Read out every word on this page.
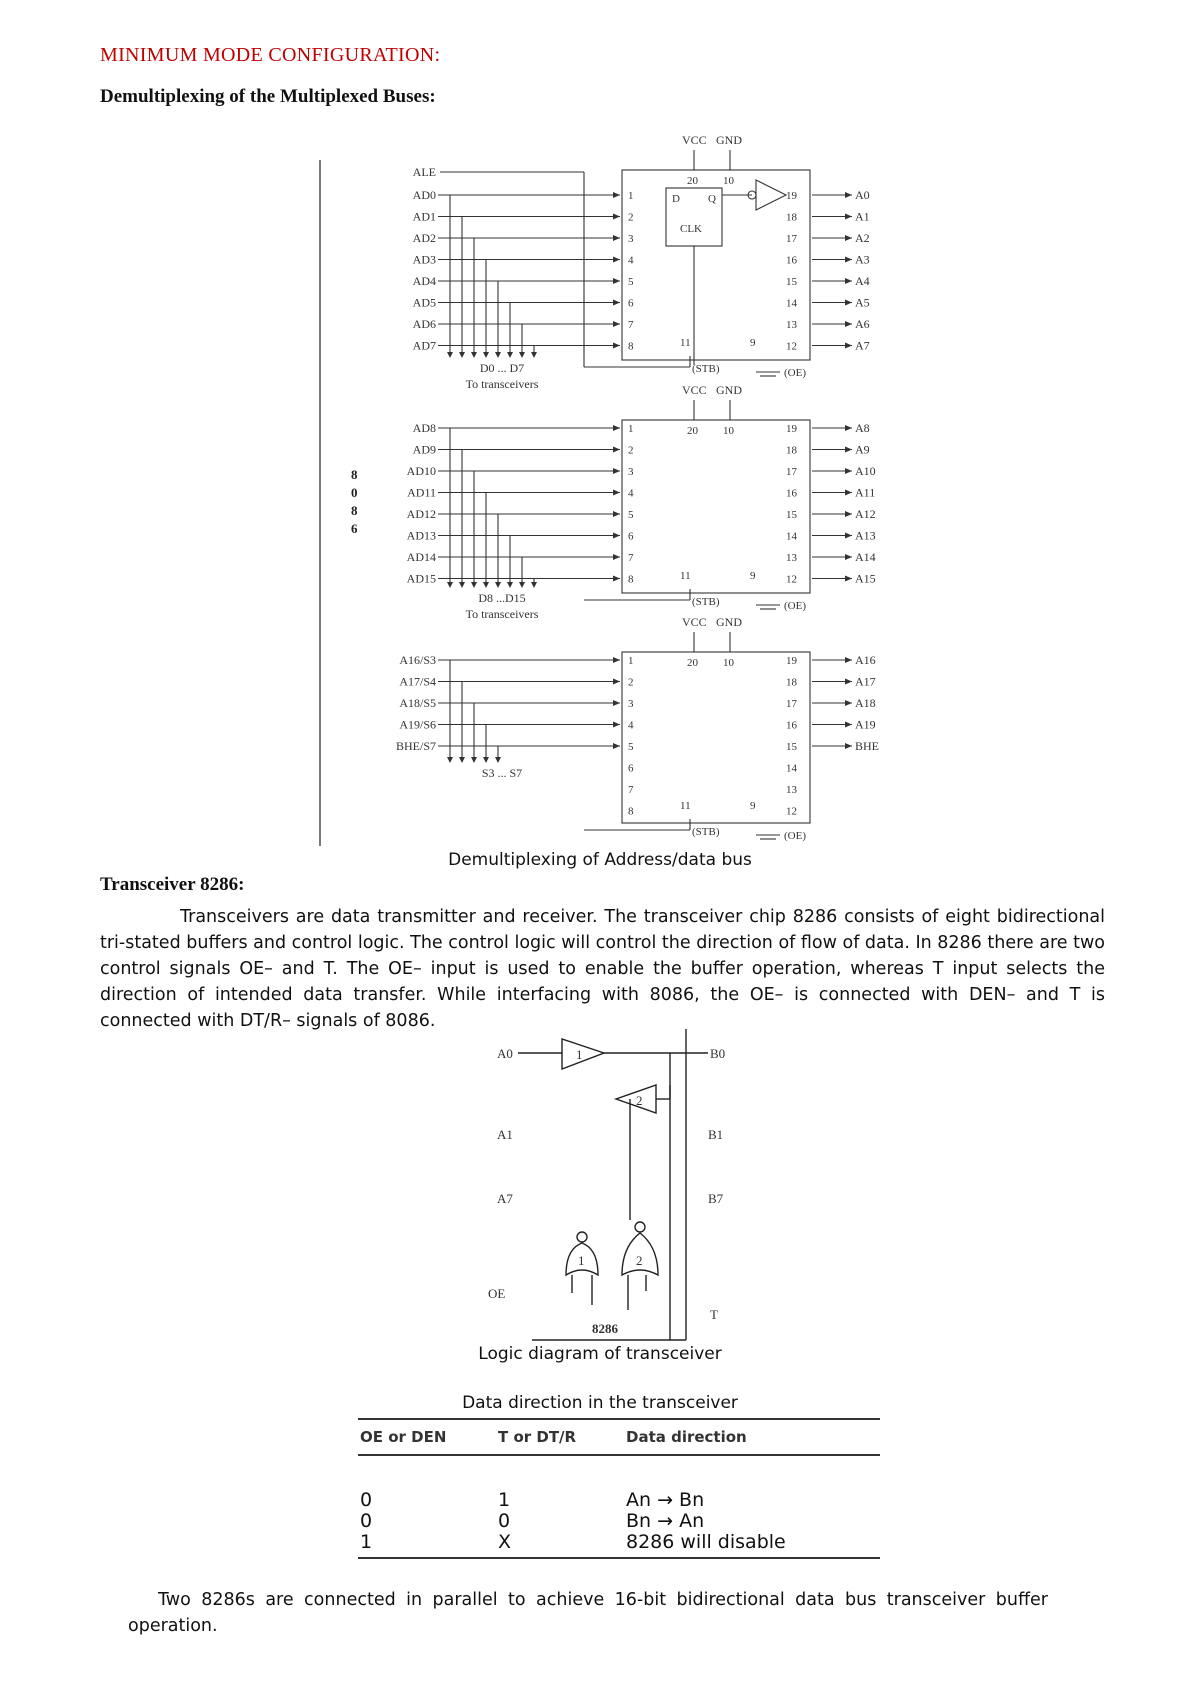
MINIMUM MODE CONFIGURATION:
Demultiplexing of the Multiplexed Buses:
8
0
8
6
VCC GND
20 10
1	19
AD0	A0
2	18
AD1	A1
3	17
AD2	A2
4	16
AD3	A3
5	15
AD4	A4
6	14
AD5	A5
7	13
AD6	A6
8	12
AD7	A7
D0 ... D7
To transceivers
11	9
(STB)	(OE)
ALE
D	Q
CLK
VCC GND
20 10
1	19
AD8	A8
2	18
AD9	A9
3	17
AD10	A10
4	16
AD11	A11
5	15
AD12	A12
6	14
AD13	A13
7	13
AD14	A14
8	12
AD15	A15
D8 ...D15
To transceivers
11	9
(STB)	(OE)
VCC GND
20 10
1	19
A16/S3	A16
2	18
A17/S4	A17
3	17
A18/S5	A18
4	16
A19/S6	A19
5	15
BHE/S7	BHE
6	14
7	13
8	12
S3 ... S7
11	9
(STB)	(OE)
Demultiplexing of Address/data bus
Transceiver 8286:

Transceivers are data transmitter and receiver. The transceiver chip 8286 consists of eight bidirectional tri-stated buffers and control logic. The control logic will control the direction of flow of data. In 8286 there are two control signals OE– and T. The OE– input is used to enable the buffer operation, whereas T input selects the direction of intended data transfer. While interfacing with 8086, the OE– is connected with DEN– and T is connected with DT/R– signals of 8086.

A0	B0
1
2
A1	B1
A7	B7
1	2
OE
T
8286
Logic diagram of transceiver
Data direction in the transceiver
OE or DEN	T or DT/R	Data direction
0	1	An → Bn
0	0	Bn → An
1	X	8286 will disable
Two 8286s are connected in parallel to achieve 16-bit bidirectional data bus transceiver buffer operation.
